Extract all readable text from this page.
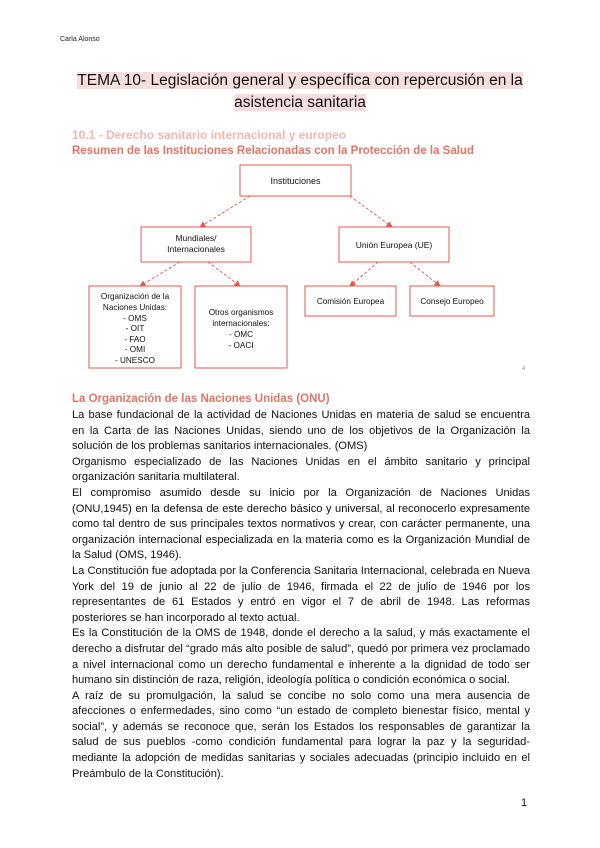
Carla Alonso
TEMA 10- Legislación general y específica con repercusión en la
asistencia sanitaria
10.1 - Derecho sanitario internacional y europeo
Resumen de las Instituciones Relacionadas con la Protección de la Salud
Instituciones
Mundiales/
Internacionales	Unión Europea (UE)
Organización de la
Naciones Unidas:
- OMS
- OIT
- FAO
- OMI
- UNESCO
Otros organismos
internacionales:
- OMC
- OACI
Comisión Europea	Consejo Europeo
4
La Organización de las Naciones Unidas (ONU)

La base fundacional de la actividad de Naciones Unidas en materia de salud se encuentra en la Carta de las Naciones Unidas, siendo uno de los objetivos de la Organización la solución de los problemas sanitarios internacionales. (OMS)

Organismo especializado de las Naciones Unidas en el ámbito sanitario y principal organización sanitaria multilateral.

El compromiso asumido desde su inicio por la Organización de Naciones Unidas (ONU,1945) en la defensa de este derecho básico y universal, al reconocerlo expresamente como tal dentro de sus principales textos normativos y crear, con carácter permanente, una organización internacional especializada en la materia como es la Organización Mundial de la Salud (OMS, 1946).

La Constitución fue adoptada por la Conferencia Sanitaria Internacional, celebrada en Nueva York del 19 de junio al 22 de julio de 1946, firmada el 22 de julio de 1946 por los representantes de 61 Estados y entró en vigor el 7 de abril de 1948. Las reformas posteriores se han incorporado al texto actual.

Es la Constitución de la OMS de 1948, donde el derecho a la salud, y más exactamente el derecho a disfrutar del “grado más alto posible de salud”, quedó por primera vez proclamado a nivel internacional como un derecho fundamental e inherente a la dignidad de todo ser humano sin distinción de raza, religión, ideología política o condición económica o social.

A raíz de su promulgación, la salud se concibe no solo como una mera ausencia de afecciones o enfermedades, sino como “un estado de completo bienestar físico, mental y social”, y además se reconoce que, serán los Estados los responsables de garantizar la salud de sus pueblos -como condición fundamental para lograr la paz y la seguridad- mediante la adopción de medidas sanitarias y sociales adecuadas (principio incluido en el Preámbulo de la Constitución).

1
